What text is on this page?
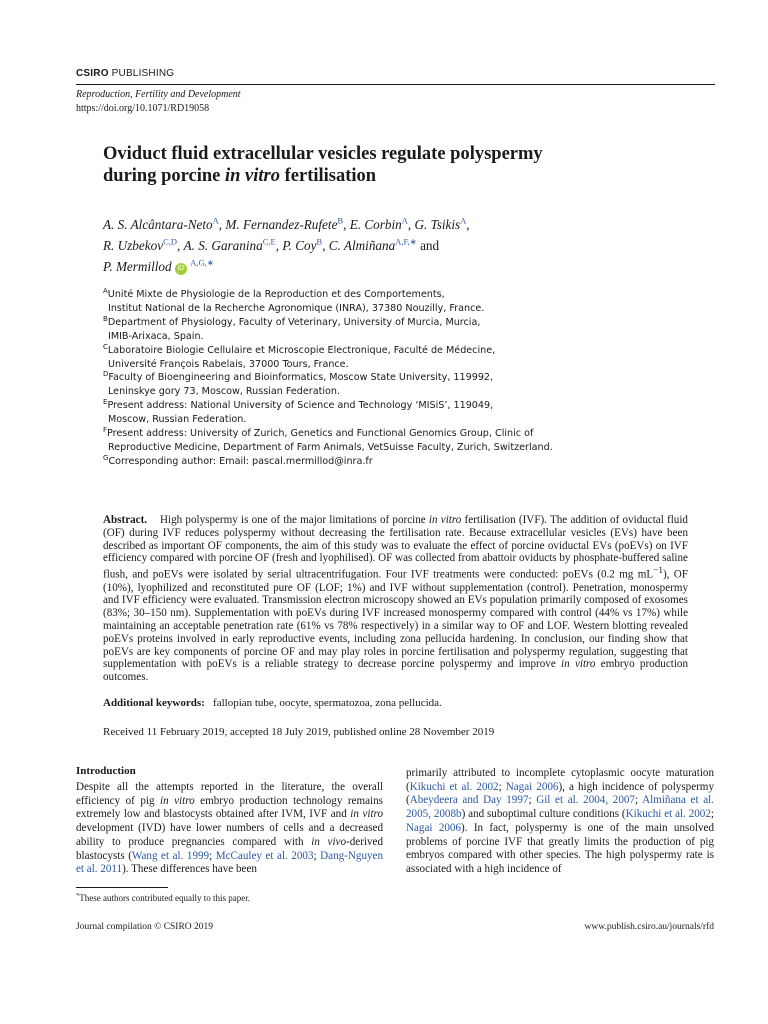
CSIRO PUBLISHING
Reproduction, Fertility and Development
https://doi.org/10.1071/RD19058
Oviduct fluid extracellular vesicles regulate polyspermy
during porcine in vitro fertilisation
A. S. Alcântara-Neto$^A$, M. Fernandez-Rufete$^B$, E. Corbin$^A$, G. Tsikis$^A$,
R. Uzbekov$^{C,D}$, A. S. Garanina$^{C,E}$, P. Coy$^B$, C. Almiñana$^{A,F,∗}$ and
P. Mermillod iD $^{A,G,∗}$
$^A$Unité Mixte de Physiologie de la Reproduction et des Comportements,
Institut National de la Recherche Agronomique (INRA), 37380 Nouzilly, France.
$^B$Department of Physiology, Faculty of Veterinary, University of Murcia, Murcia,
IMIB-Arixaca, Spain.
$^C$Laboratoire Biologie Cellulaire et Microscopie Electronique, Faculté de Médecine,
Université François Rabelais, 37000 Tours, France.
$^D$Faculty of Bioengineering and Bioinformatics, Moscow State University, 119992,
Leninskye gory 73, Moscow, Russian Federation.
$^E$Present address: National University of Science and Technology ‘MISiS’, 119049,
Moscow, Russian Federation.
$^F$Present address: University of Zurich, Genetics and Functional Genomics Group, Clinic of
Reproductive Medicine, Department of Farm Animals, VetSuisse Faculty, Zurich, Switzerland.
$^G$Corresponding author: Email: pascal.mermillod@inra.fr
Abstract. High polyspermy is one of the major limitations of porcine in vitro fertilisation (IVF). The addition of oviductal fluid (OF) during IVF reduces polyspermy without decreasing the fertilisation rate. Because extracellular vesicles (EVs) have been described as important OF components, the aim of this study was to evaluate the effect of porcine oviductal EVs (poEVs) on IVF efficiency compared with porcine OF (fresh and lyophilised). OF was collected from abattoir oviducts by phosphate-buffered saline flush, and poEVs were isolated by serial ultracentrifugation. Four IVF treatments were conducted: poEVs (0.2 mg $mL^{-1}$), OF (10%), lyophilized and reconstituted pure OF (LOF; 1%) and IVF without supplementation (control). Penetration, monospermy and IVF efficiency were evaluated. Transmission electron microscopy showed an EVs population primarily composed of exosomes (83%; 30–150 nm). Supplementation with poEVs during IVF increased monospermy compared with control (44% vs 17%) while maintaining an acceptable penetration rate (61% vs 78% respectively) in a similar way to OF and LOF. Western blotting revealed poEVs proteins involved in early reproductive events, including zona pellucida hardening. In conclusion, our finding show that poEVs are key components of porcine OF and may play roles in porcine fertilisation and polyspermy regulation, suggesting that supplementation with poEVs is a reliable strategy to decrease porcine polyspermy and improve in vitro embryo production outcomes.
Additional keywords: fallopian tube, oocyte, spermatozoa, zona pellucida.
Received 11 February 2019, accepted 18 July 2019, published online 28 November 2019
Introduction
Despite all the attempts reported in the literature, the overall efficiency of pig in vitro embryo production technology remains extremely low and blastocysts obtained after IVM, IVF and in vitro development (IVD) have lower numbers of cells and a decreased ability to produce pregnancies compared with in vivo-derived blastocysts (Wang et al. 1999; McCauley et al. 2003; Dang-Nguyen et al. 2011). These differences have been
primarily attributed to incomplete cytoplasmic oocyte maturation (Kikuchi et al. 2002; Nagai 2006), a high incidence of polyspermy (Abeydeera and Day 1997; Gil et al. 2004, 2007; Almiñana et al. 2005, 2008b) and suboptimal culture conditions (Kikuchi et al. 2002; Nagai 2006). In fact, polyspermy is one of the main unsolved problems of porcine IVF that greatly limits the production of pig embryos compared with other species. The high polyspermy rate is associated with a high incidence of
*These authors contributed equally to this paper.
Journal compilation © CSIRO 2019	www.publish.csiro.au/journals/rfd
